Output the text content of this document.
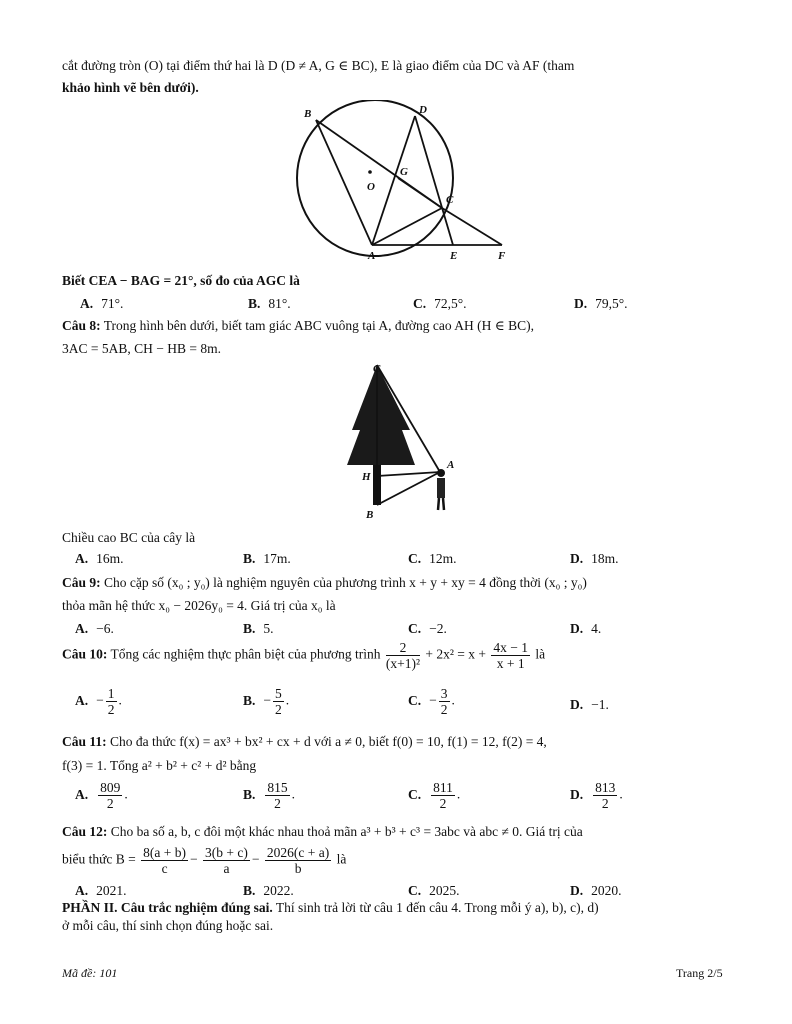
cắt đường tròn (O) tại điểm thứ hai là D (D ≠ A, G ∈ BC), E là giao điểm của DC và AF (tham
khảo hình vẽ bên dưới).
B	D
O
G
C
A	E	F
Biết CEA − BAG = 21°, số đo của AGC là
A. 71°.	B. 81°.	C. 72,5°.	D. 79,5°.
Câu 8: Trong hình bên dưới, biết tam giác ABC vuông tại A, đường cao AH (H ∈ BC),
3AC = 5AB, CH − HB = 8m.
C
A
H
B
Chiều cao BC của cây là
A. 16m.	B. 17m.	C. 12m.	D. 18m.
Câu 9: Cho cặp số (x₀ ; y₀) là nghiệm nguyên của phương trình x + y + xy = 4 đồng thời (x₀ ; y₀)
thỏa mãn hệ thức x₀ − 2026y₀ = 4. Giá trị của x₀ là
A. −6.	B. 5.	C. −2.	D. 4.
Câu 10: Tổng các nghiệm thực phân biệt của phương trình $\frac{2}{\text{(x+1)²}} + 2x^2 = x + \frac{4x - 1}{x + 1}$ là
A. − $\frac{1}{2}$ .	B. − $\frac{5}{2}$ .	C. − $\frac{3}{2}$ .	D. −1.
Câu 11: Cho đa thức f(x) = ax³ + bx² + cx + d với a ≠ 0, biết f(0) = 10, f(1) = 12, f(2) = 4,
f(3) = 1. Tổng a² + b² + c² + d² bằng
A. $\frac{809}{2}$ .	B. $\frac{815}{2}$ .	C. $\frac{811}{2}$ .	D. $\frac{813}{2}$ .
Câu 12: Cho ba số a, b, c đôi một khác nhau thoả mãn a³ + b³ + c³ = 3abc và abc ≠ 0. Giá trị của
biểu thức $B = \frac{8(a + b)}{c} - \frac{3(b + c)}{a} - \frac{2026(c + a)}{b}$ là
A. 2021.	B. 2022.	C. 2025.	D. 2020.
PHẦN II. Câu trắc nghiệm đúng sai. Thí sinh trả lời từ câu 1 đến câu 4. Trong mỗi ý a), b), c), d)
ở mỗi câu, thí sinh chọn đúng hoặc sai.
Mã đề: 101	Trang 2/5
